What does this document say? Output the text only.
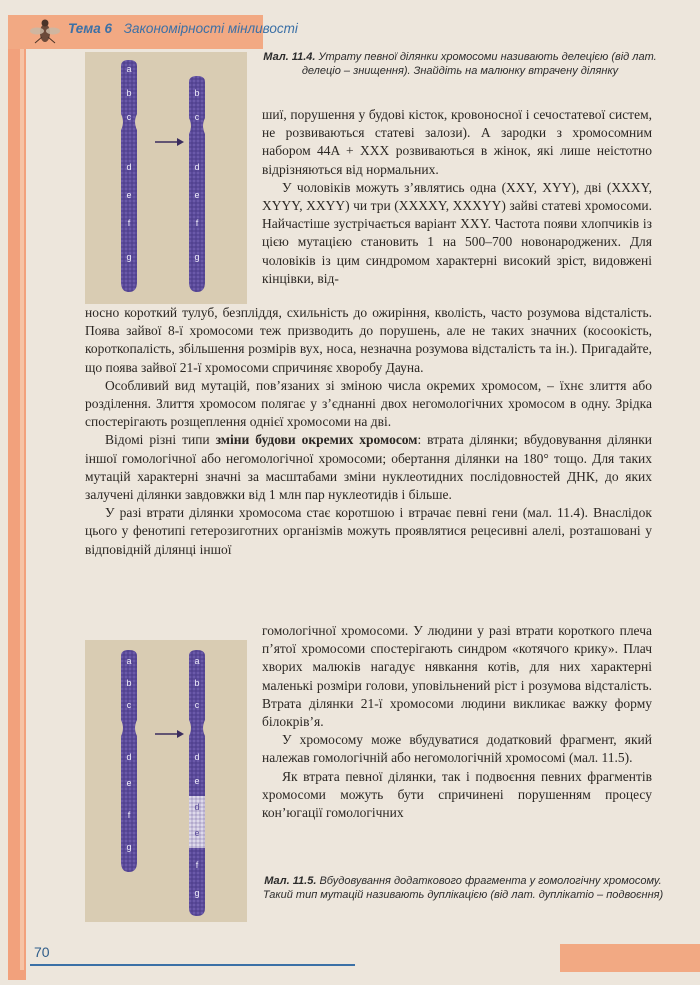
Тема 6 Закономірності мінливості
a
b
c
d
e
f
g
b
c
d
e
f
g
Мал. 11.4. Утрату певної ділянки хромосоми називають делецією (від лат. делеціо – знищення). Знайдіть на малюнку втрачену ділянку

шиї, порушення у будові кісток, кровоносної і сечостатевої систем, не розвиваються статеві залози). А зародки з хромосомним набором 44A + XXX розвиваються в жінок, які лише неістотно відрізняються від нормальних.

У чоловіків можуть з’являтись одна (XXY, XYY), дві (XXXY, XYYY, XXYY) чи три (XXXXY, XXXYY) зайві статеві хромосоми. Найчастіше зустрічається варіант XXY. Частота появи хлопчиків із цією мутацією становить 1 на 500–700 новонароджених. Для чоловіків із цим синдромом характерні високий зріст, видовжені кінцівки, від-

носно короткий тулуб, безпліддя, схильність до ожиріння, кволість, часто розумова відсталість. Поява зайвої 8-ї хромосоми теж призводить до порушень, але не таких значних (косоокість, короткопалість, збільшення розмірів вух, носа, незначна розумова відсталість та ін.). Пригадайте, що поява зайвої 21-ї хромосоми спричиняє хворобу Дауна.

Особливий вид мутацій, пов’язаних зі зміною числа окремих хромосом, – їхнє злиття або розділення. Злиття хромосом полягає у з’єднанні двох негомологічних хромосом в одну. Зрідка спостерігають розщеплення однієї хромосоми на дві.

Відомі різні типи зміни будови окремих хромосом: втрата ділянки; вбудовування ділянки іншої гомологічної або негомологічної хромосоми; обертання ділянки на 180° тощо. Для таких мутацій характерні значні за масштабами зміни нуклеотидних послідовностей ДНК, до яких залучені ділянки завдовжки від 1 млн пар нуклеотидів і більше.

У разі втрати ділянки хромосома стає коротшою і втрачає певні гени (мал. 11.4). Внаслідок цього у фенотипі гетерозиготних організмів можуть проявлятися рецесивні алелі, розташовані у відповідній ділянці іншої

a
b
c
d
e
f
g
a
b
c
d
e
d
e
f
g

гомологічної хромосоми. У людини у разі втрати короткого плеча п’ятої хромосоми спостерігають синдром «котячого крику». Плач хворих малюків нагадує нявкання котів, для них характерні маленькі розміри голови, уповільнений ріст і розумова відсталість. Втрата ділянки 21-ї хромосоми людини викликає важку форму білокрів’я.

У хромосому може вбудуватися додатковий фрагмент, який належав гомологічній або негомологічній хромосомі (мал. 11.5).

Як втрата певної ділянки, так і подвоєння певних фрагментів хромосоми можуть бути спричинені порушенням процесу кон’югації гомологічних

Мал. 11.5. Вбудовування додаткового фрагмента у гомологічну хромосому. Такий тип мутацій називають дуплікацією (від лат. дуплікатіо – подвоєння)
70
